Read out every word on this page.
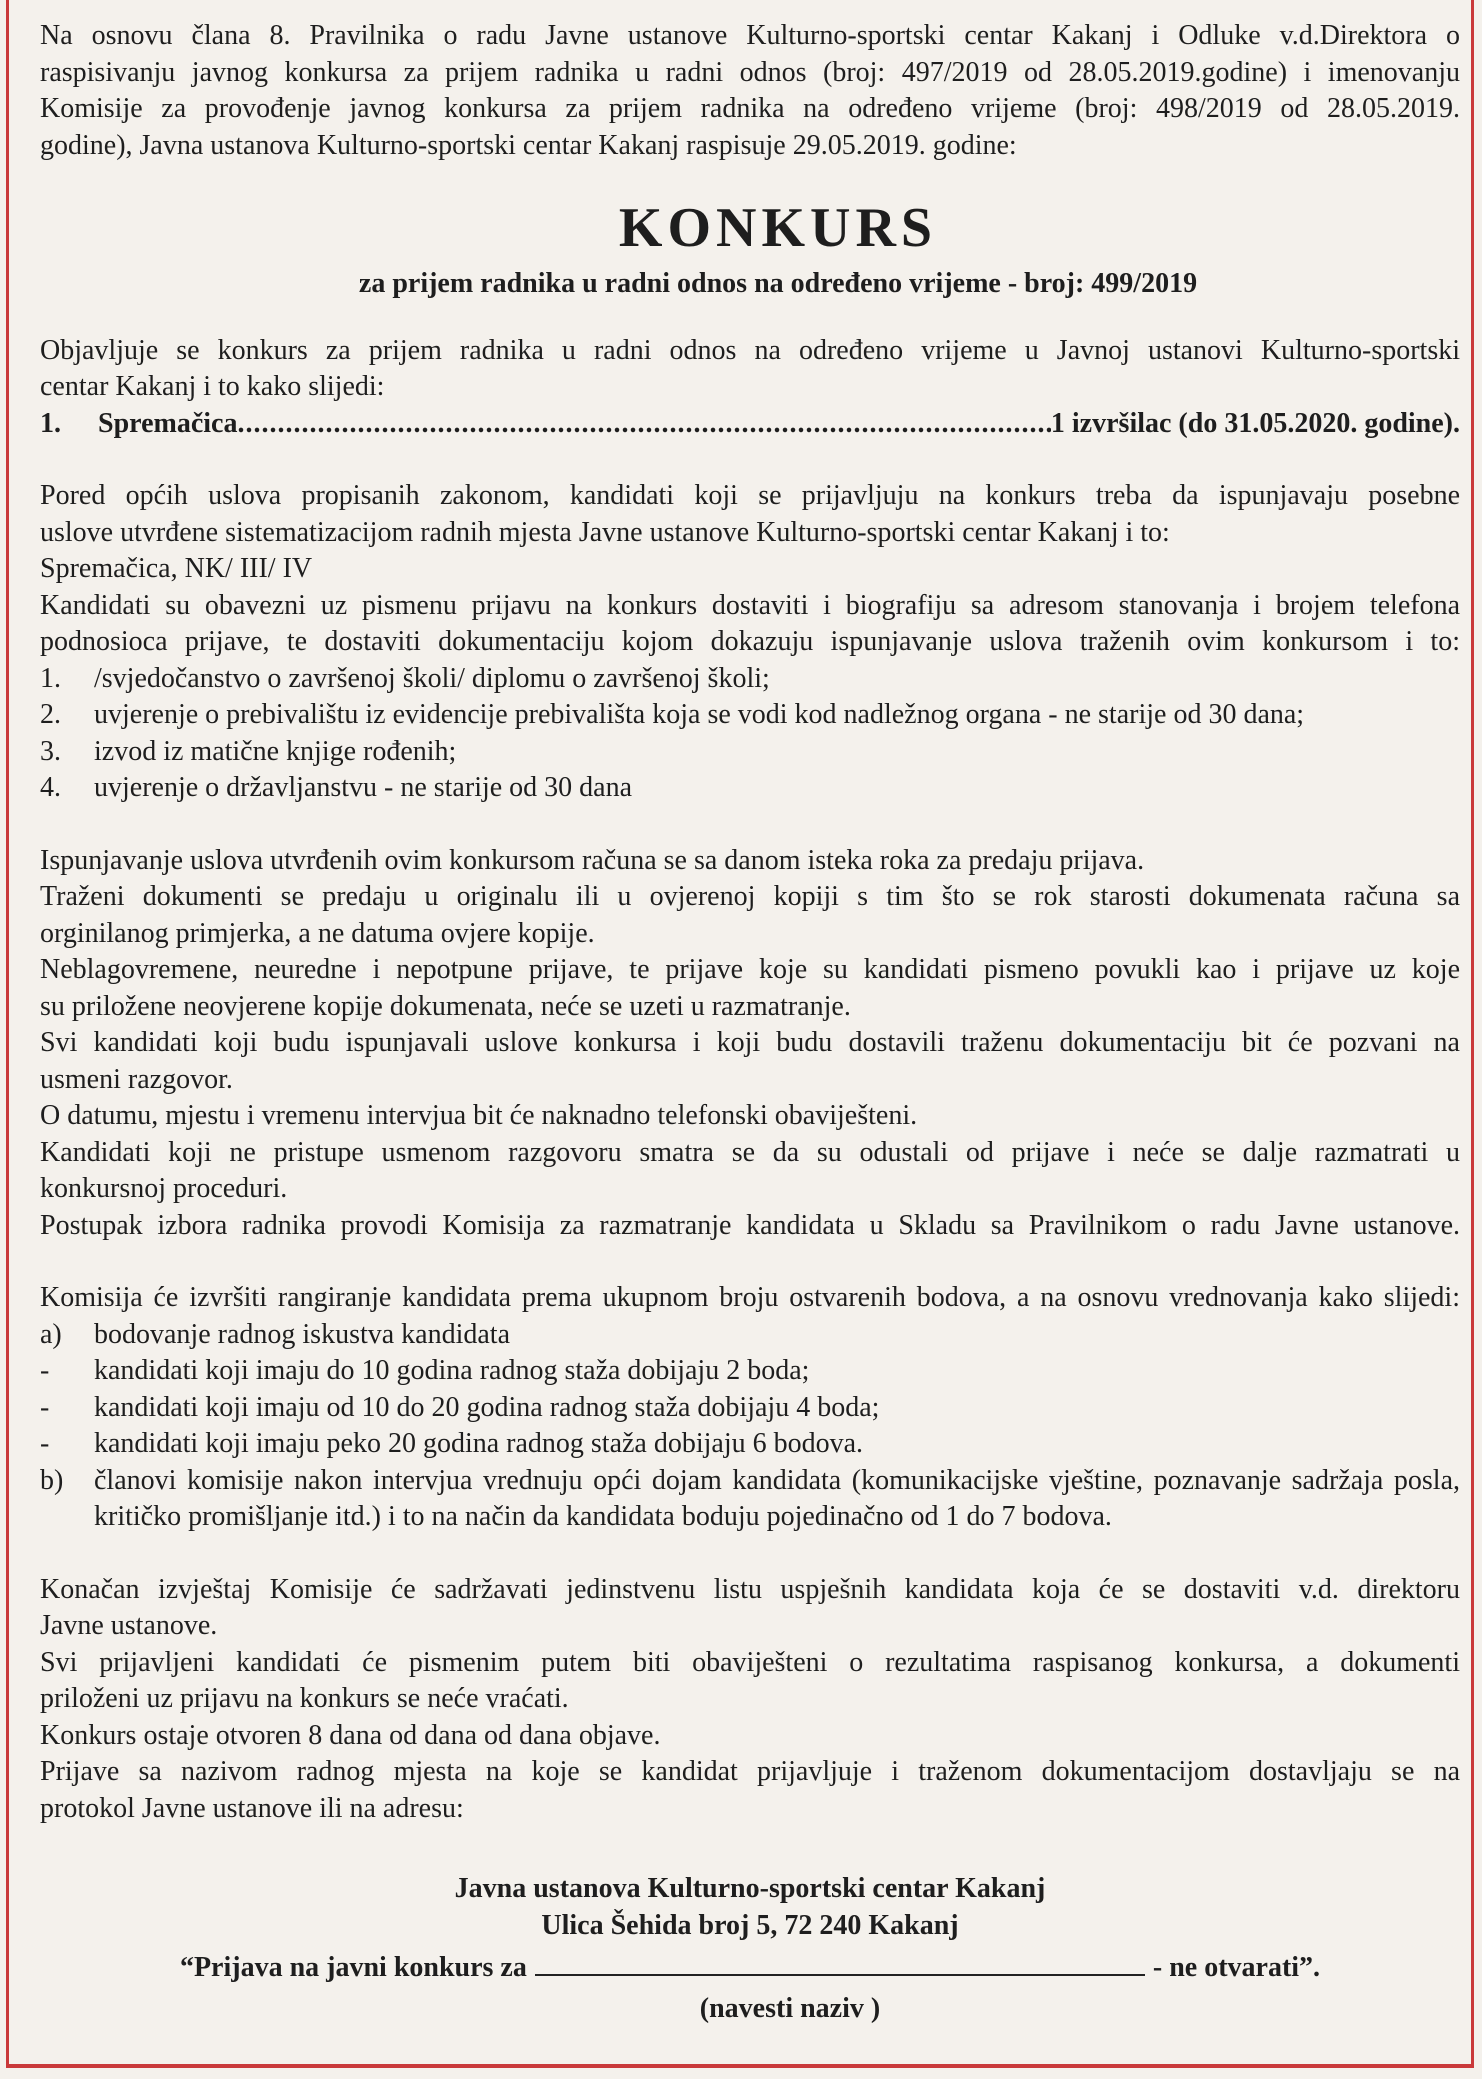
Na osnovu člana 8. Pravilnika o radu Javne ustanove Kulturno-sportski centar Kakanj i Odluke v.d.Direktora o

raspisivanju javnog konkursa za prijem radnika u radni odnos (broj: 497/2019 od 28.05.2019.godine) i imenovanju

Komisije za provođenje javnog konkursa za prijem radnika na određeno vrijeme (broj: 498/2019 od 28.05.2019.

godine), Javna ustanova Kulturno-sportski centar Kakanj raspisuje 29.05.2019. godine:

KONKURS
za prijem radnika u radni odnos na određeno vrijeme - broj: 499/2019

Objavljuje se konkurs za prijem radnika u radni odnos na određeno vrijeme u Javnoj ustanovi Kulturno-sportski

centar Kakanj i to kako slijedi:

1.	Spremačica
.....	1 izvršilac (do 31.05.2020. godine).

Pored općih uslova propisanih zakonom, kandidati koji se prijavljuju na konkurs treba da ispunjavaju posebne

uslove utvrđene sistematizacijom radnih mjesta Javne ustanove Kulturno-sportski centar Kakanj i to:

Spremačica, NK/ III/ IV

Kandidati su obavezni uz pismenu prijavu na konkurs dostaviti i biografiju sa adresom stanovanja i brojem telefona

podnosioca prijave, te dostaviti dokumentaciju kojom dokazuju ispunjavanje uslova traženih ovim konkursom i to:

1.	/svjedočanstvo o završenoj školi/ diplomu o završenoj školi;
2.	uvjerenje o prebivalištu iz evidencije prebivališta koja se vodi kod nadležnog organa - ne starije od 30 dana;
3.	izvod iz matične knjige rođenih;
4.	uvjerenje o državljanstvu - ne starije od 30 dana

Ispunjavanje uslova utvrđenih ovim konkursom računa se sa danom isteka roka za predaju prijava.

Traženi dokumenti se predaju u originalu ili u ovjerenoj kopiji s tim što se rok starosti dokumenata računa sa

orginilanog primjerka, a ne datuma ovjere kopije.

Neblagovremene, neuredne i nepotpune prijave, te prijave koje su kandidati pismeno povukli kao i prijave uz koje

su priložene neovjerene kopije dokumenata, neće se uzeti u razmatranje.

Svi kandidati koji budu ispunjavali uslove konkursa i koji budu dostavili traženu dokumentaciju bit će pozvani na

usmeni razgovor.

O datumu, mjestu i vremenu intervjua bit će naknadno telefonski obaviješteni.

Kandidati koji ne pristupe usmenom razgovoru smatra se da su odustali od prijave i neće se dalje razmatrati u

konkursnoj proceduri.

Postupak izbora radnika provodi Komisija za razmatranje kandidata u Skladu sa Pravilnikom o radu Javne ustanove.

Komisija će izvršiti rangiranje kandidata prema ukupnom broju ostvarenih bodova, a na osnovu vrednovanja kako slijedi:

a)	bodovanje radnog iskustva kandidata
-	kandidati koji imaju do 10 godina radnog staža dobijaju 2 boda;
-	kandidati koji imaju od 10 do 20 godina radnog staža dobijaju 4 boda;
-	kandidati koji imaju peko 20 godina radnog staža dobijaju 6 bodova.
b)	članovi komisije nakon intervjua vrednuju opći dojam kandidata (komunikacijske vještine, poznavanje sadržaja posla, kritičko promišljanje itd.) i to na način da kandidata boduju pojedinačno od 1 do 7 bodova.

Konačan izvještaj Komisije će sadržavati jedinstvenu listu uspješnih kandidata koja će se dostaviti v.d. direktoru

Javne ustanove.

Svi prijavljeni kandidati će pismenim putem biti obaviješteni o rezultatima raspisanog konkursa, a dokumenti

priloženi uz prijavu na konkurs se neće vraćati.

Konkurs ostaje otvoren 8 dana od dana od dana objave.

Prijave sa nazivom radnog mjesta na koje se kandidat prijavljuje i traženom dokumentacijom dostavljaju se na

protokol Javne ustanove ili na adresu:

Javna ustanova Kulturno-sportski centar Kakanj
Ulica Šehida broj 5, 72 240 Kakanj
“Prijava na javni konkurs za	- ne otvarati”.
(navesti naziv )
